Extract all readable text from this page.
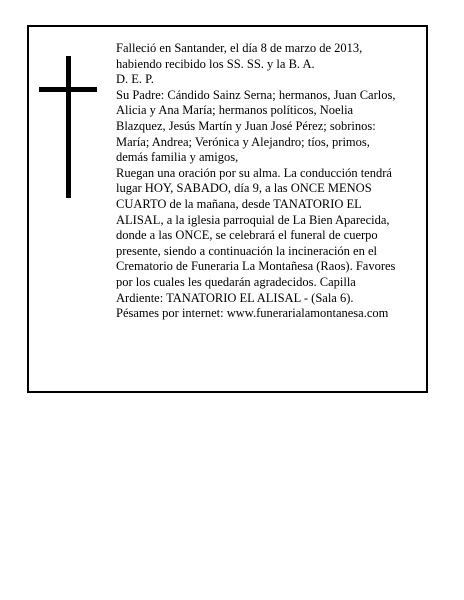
Falleció en Santander, el día 8 de marzo de 2013,
habiendo recibido los SS. SS. y la B. A.
D. E. P.
Su Padre: Cándido Sainz Serna; hermanos, Juan Carlos,
Alicia y Ana María; hermanos políticos, Noelia
Blazquez, Jesús Martín y Juan José Pérez; sobrinos:
María; Andrea; Verónica y Alejandro; tíos, primos,
demás familia y amigos,
Ruegan una oración por su alma. La conducción tendrá
lugar HOY, SABADO, día 9, a las ONCE MENOS
CUARTO de la mañana, desde TANATORIO EL
ALISAL, a la iglesia parroquial de La Bien Aparecida,
donde a las ONCE, se celebrará el funeral de cuerpo
presente, siendo a continuación la incineración en el
Crematorio de Funeraria La Montañesa (Raos). Favores
por los cuales les quedarán agradecidos. Capilla
Ardiente: TANATORIO EL ALISAL - (Sala 6).
Pésames por internet: www.funerarialamontanesa.com
